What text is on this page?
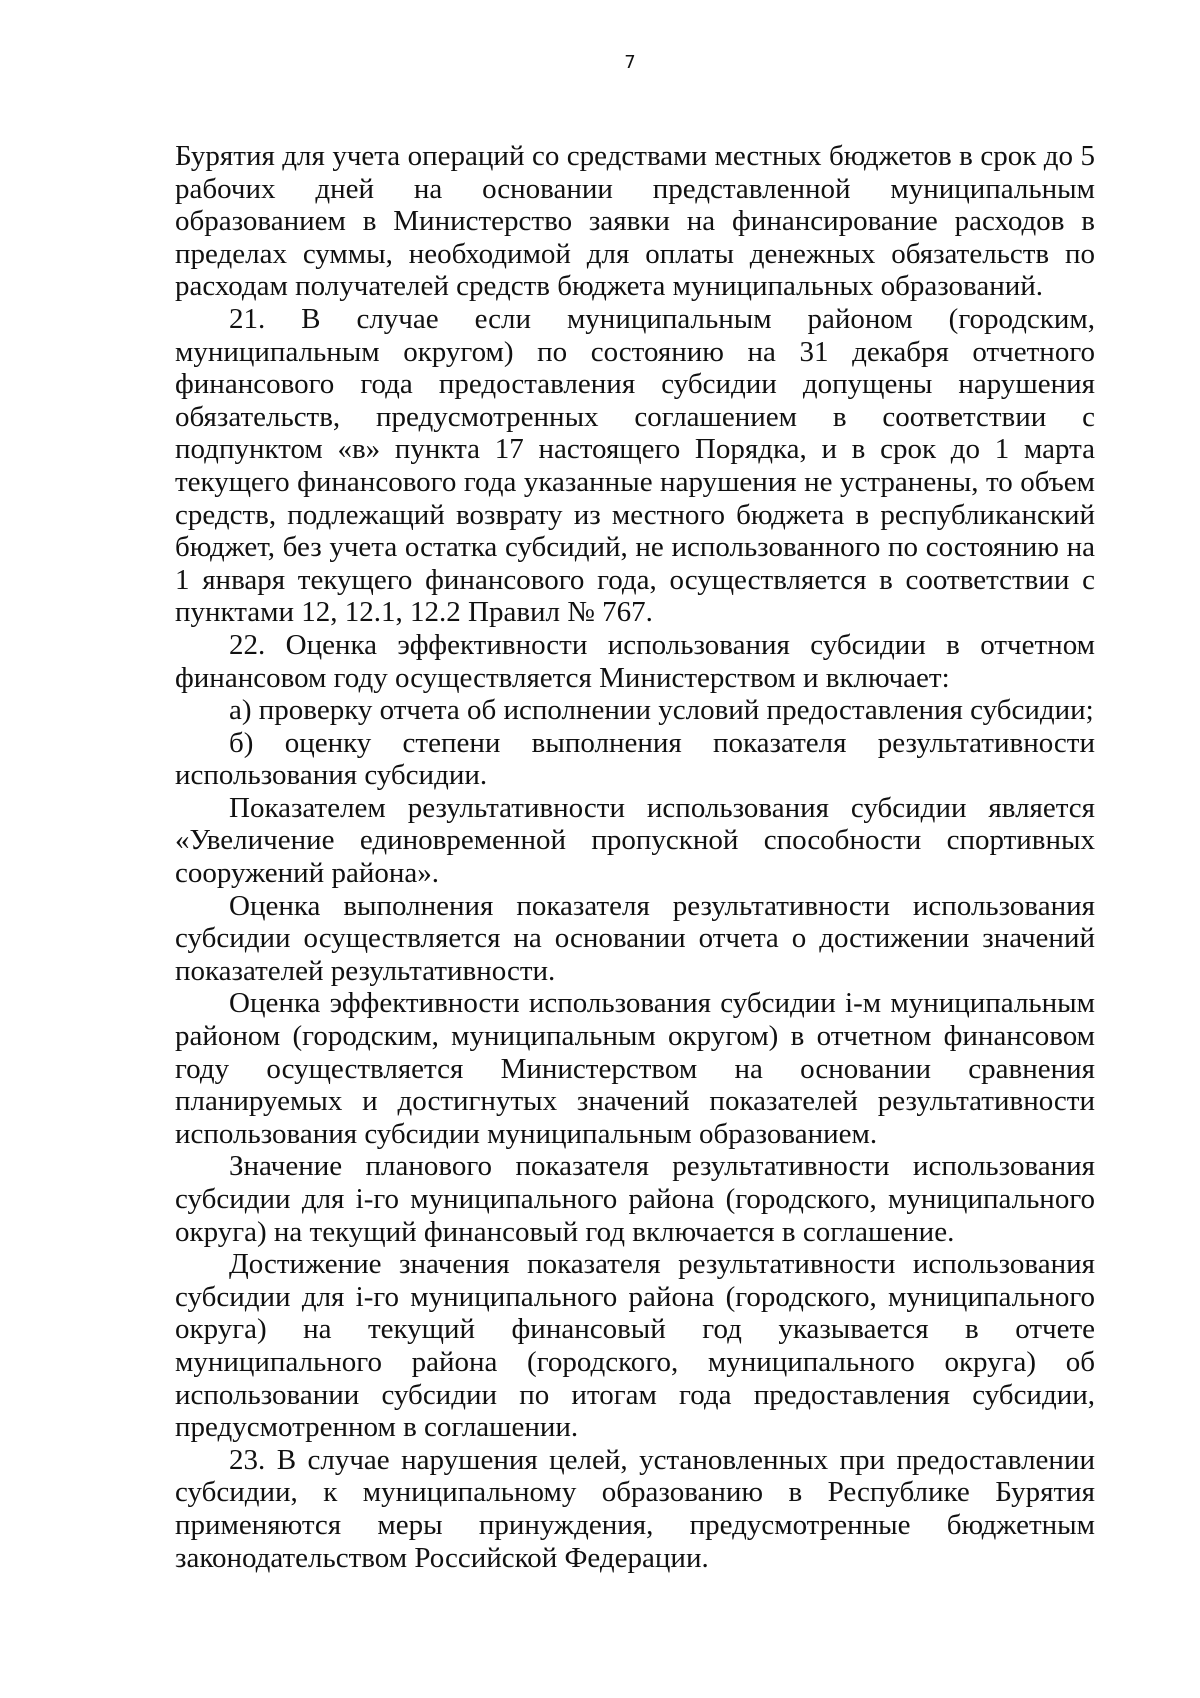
7

Бурятия для учета операций со средствами местных бюджетов в срок до 5 рабочих дней на основании представленной муниципальным образованием в Министерство заявки на финансирование расходов в пределах суммы, необходимой для оплаты денежных обязательств по расходам получателей средств бюджета муниципальных образований.

21. В случае если муниципальным районом (городским, муниципальным округом) по состоянию на 31 декабря отчетного финансового года предоставления субсидии допущены нарушения обязательств, предусмотренных соглашением в соответствии с подпунктом «в» пункта 17 настоящего Порядка, и в срок до 1 марта текущего финансового года указанные нарушения не устранены, то объем средств, подлежащий возврату из местного бюджета в республиканский бюджет, без учета остатка субсидий, не использованного по состоянию на 1 января текущего финансового года, осуществляется в соответствии с пунктами 12, 12.1, 12.2 Правил № 767.

22. Оценка эффективности использования субсидии в отчетном финансовом году осуществляется Министерством и включает:

а) проверку отчета об исполнении условий предоставления субсидии;

б) оценку степени выполнения показателя результативности использования субсидии.

Показателем результативности использования субсидии является «Увеличение единовременной пропускной способности спортивных сооружений района».

Оценка выполнения показателя результативности использования субсидии осуществляется на основании отчета о достижении значений показателей результативности.

Оценка эффективности использования субсидии i-м муниципальным районом (городским, муниципальным округом) в отчетном финансовом году осуществляется Министерством на основании сравнения планируемых и достигнутых значений показателей результативности использования субсидии муниципальным образованием.

Значение планового показателя результативности использования субсидии для i-го муниципального района (городского, муниципального округа) на текущий финансовый год включается в соглашение.

Достижение значения показателя результативности использования субсидии для i-го муниципального района (городского, муниципального округа) на текущий финансовый год указывается в отчете муниципального района (городского, муниципального округа) об использовании субсидии по итогам года предоставления субсидии, предусмотренном в соглашении.

23. В случае нарушения целей, установленных при предоставлении субсидии, к муниципальному образованию в Республике Бурятия применяются меры принуждения, предусмотренные бюджетным законодательством Российской Федерации.
